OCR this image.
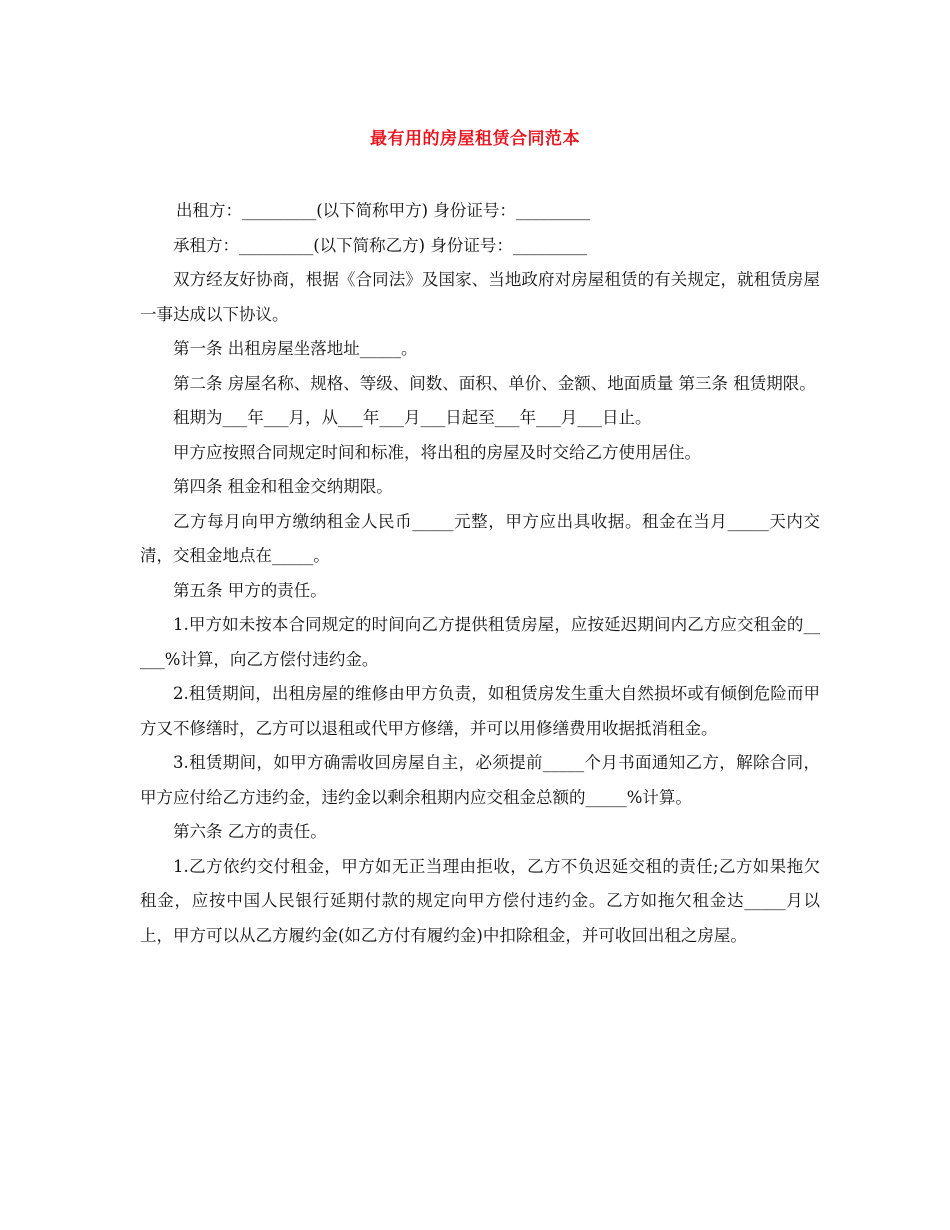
最有用的房屋租赁合同范本

出租方：_________(以下简称甲方) 身份证号：_________

承租方：_________(以下简称乙方) 身份证号：_________

双方经友好协商，根据《合同法》及国家、当地政府对房屋租赁的有关规定，就租赁房屋一事达成以下协议。

第一条 出租房屋坐落地址_____。

第二条 房屋名称、规格、等级、间数、面积、单价、金额、地面质量 第三条 租赁期限。

租期为___年___月，从___年___月___日起至___年___月___日止。

甲方应按照合同规定时间和标准，将出租的房屋及时交给乙方使用居住。

第四条 租金和租金交纳期限。

乙方每月向甲方缴纳租金人民币_____元整，甲方应出具收据。租金在当月_____天内交清，交租金地点在_____。

第五条 甲方的责任。

1.甲方如未按本合同规定的时间向乙方提供租赁房屋，应按延迟期间内乙方应交租金的_____%计算，向乙方偿付违约金。

2.租赁期间，出租房屋的维修由甲方负责，如租赁房发生重大自然损坏或有倾倒危险而甲方又不修缮时，乙方可以退租或代甲方修缮，并可以用修缮费用收据抵消租金。

3.租赁期间，如甲方确需收回房屋自主，必须提前_____个月书面通知乙方，解除合同，甲方应付给乙方违约金，违约金以剩余租期内应交租金总额的_____%计算。

第六条 乙方的责任。

1.乙方依约交付租金，甲方如无正当理由拒收，乙方不负迟延交租的责任;乙方如果拖欠租金，应按中国人民银行延期付款的规定向甲方偿付违约金。乙方如拖欠租金达_____月以上，甲方可以从乙方履约金(如乙方付有履约金)中扣除租金，并可收回出租之房屋。
